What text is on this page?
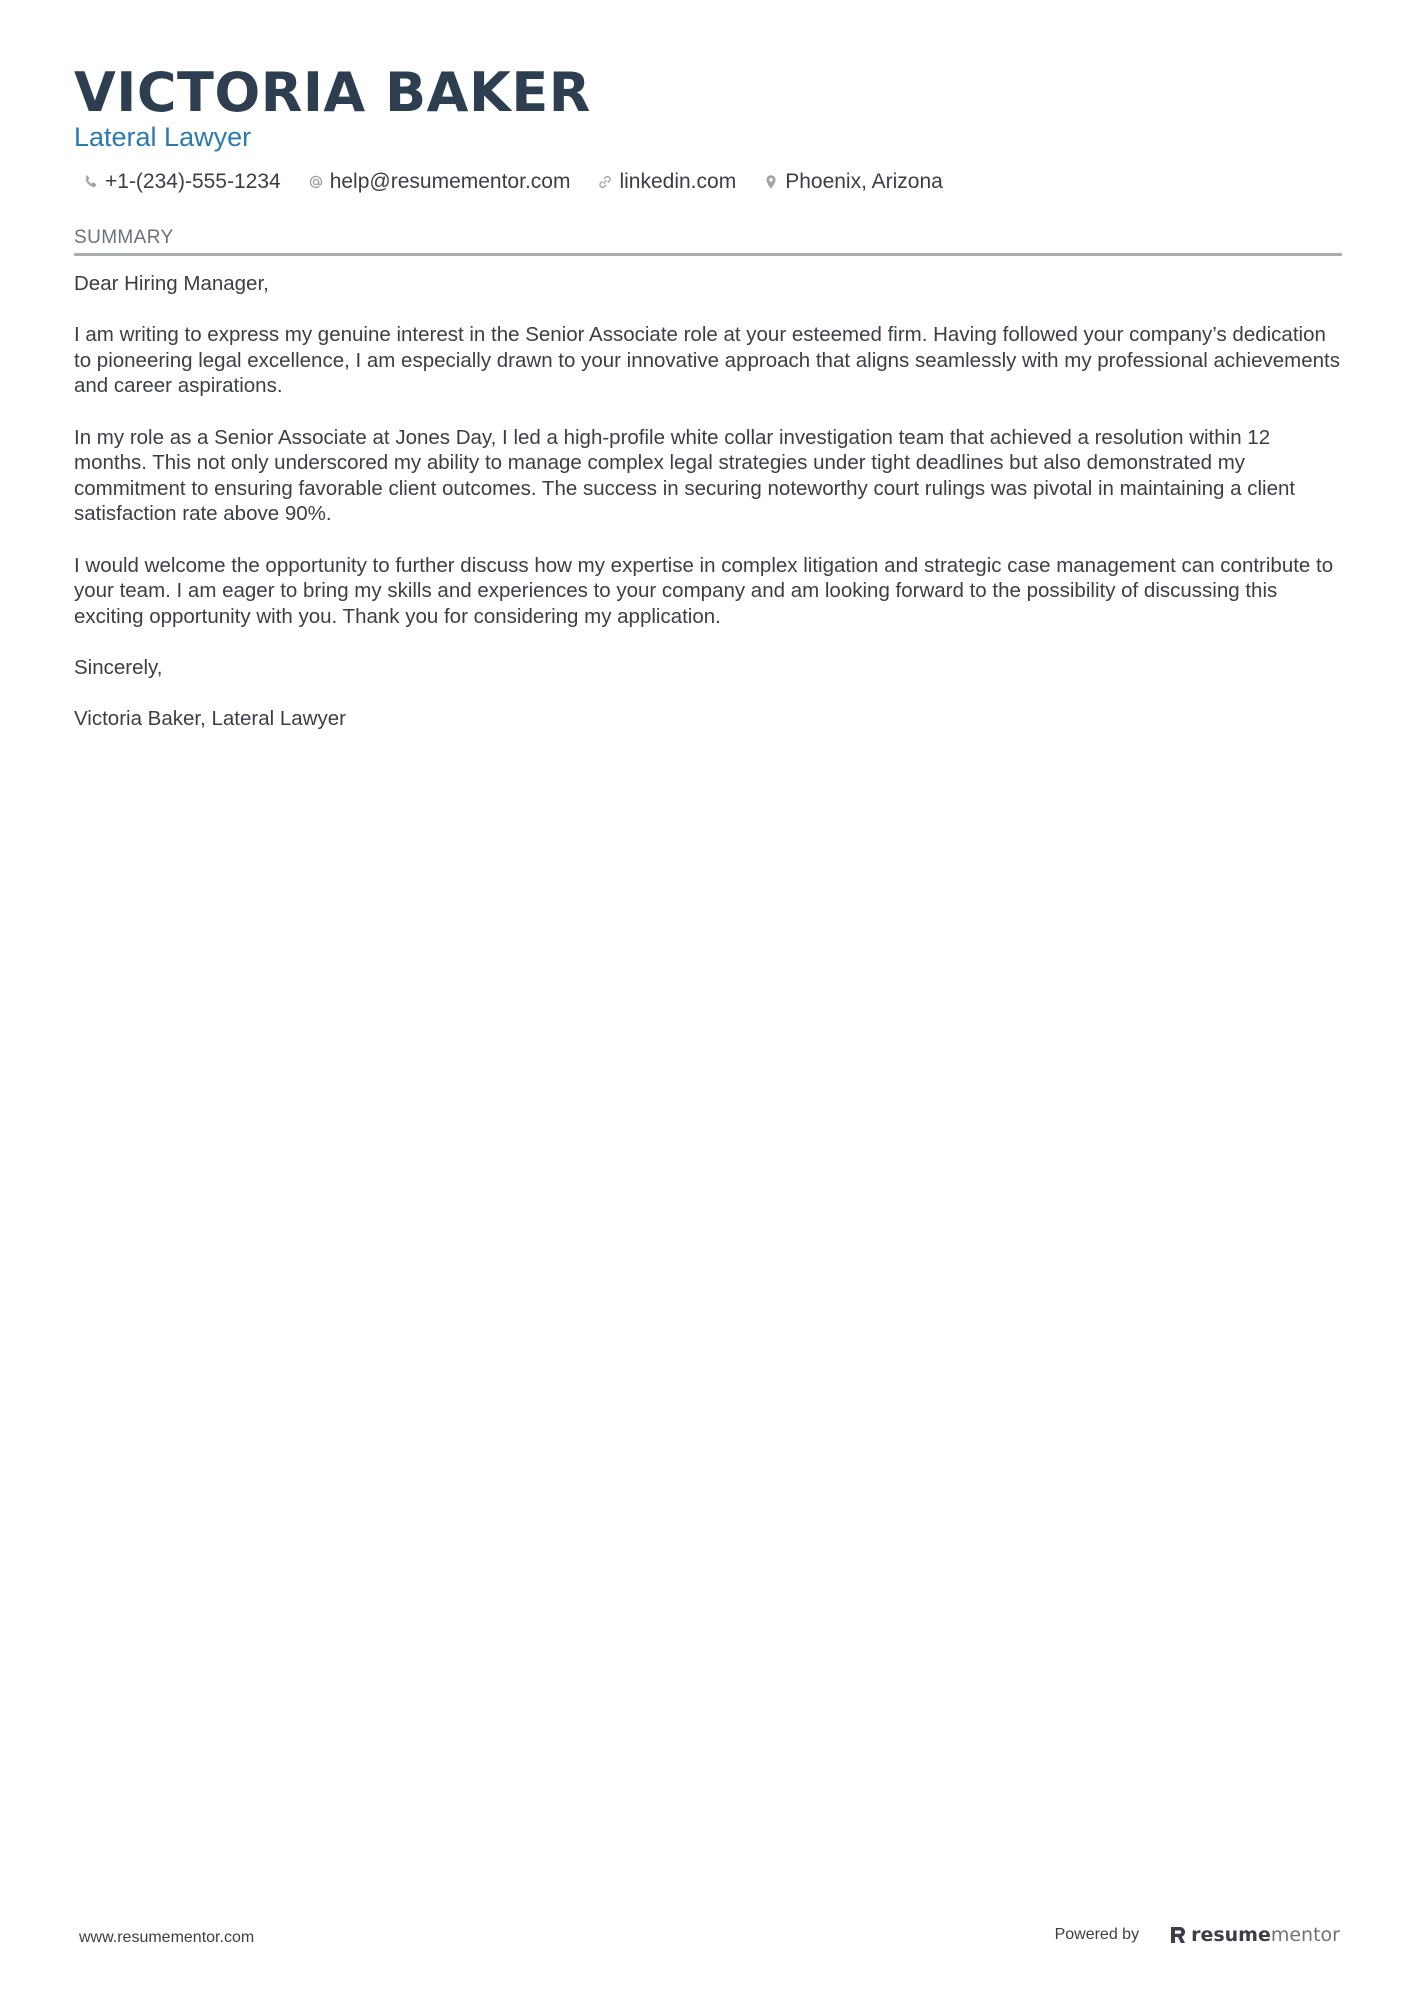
VICTORIA BAKER
Lateral Lawyer
+1-(234)-555-1234 help@resumementor.com linkedin.com Phoenix, Arizona
SUMMARY

Dear Hiring Manager,

I am writing to express my genuine interest in the Senior Associate role at your esteemed firm. Having followed your company’s dedication to pioneering legal excellence, I am especially drawn to your innovative approach that aligns seamlessly with my professional achievements and career aspirations.

In my role as a Senior Associate at Jones Day, I led a high-profile white collar investigation team that achieved a resolution within 12 months. This not only underscored my ability to manage complex legal strategies under tight deadlines but also demonstrated my commitment to ensuring favorable client outcomes. The success in securing noteworthy court rulings was pivotal in maintaining a client satisfaction rate above 90%.

I would welcome the opportunity to further discuss how my expertise in complex litigation and strategic case management can contribute to your team. I am eager to bring my skills and experiences to your company and am looking forward to the possibility of discussing this exciting opportunity with you. Thank you for considering my application.

Sincerely,

Victoria Baker, Lateral Lawyer

www.resumementor.com	Powered by	resume mentor
